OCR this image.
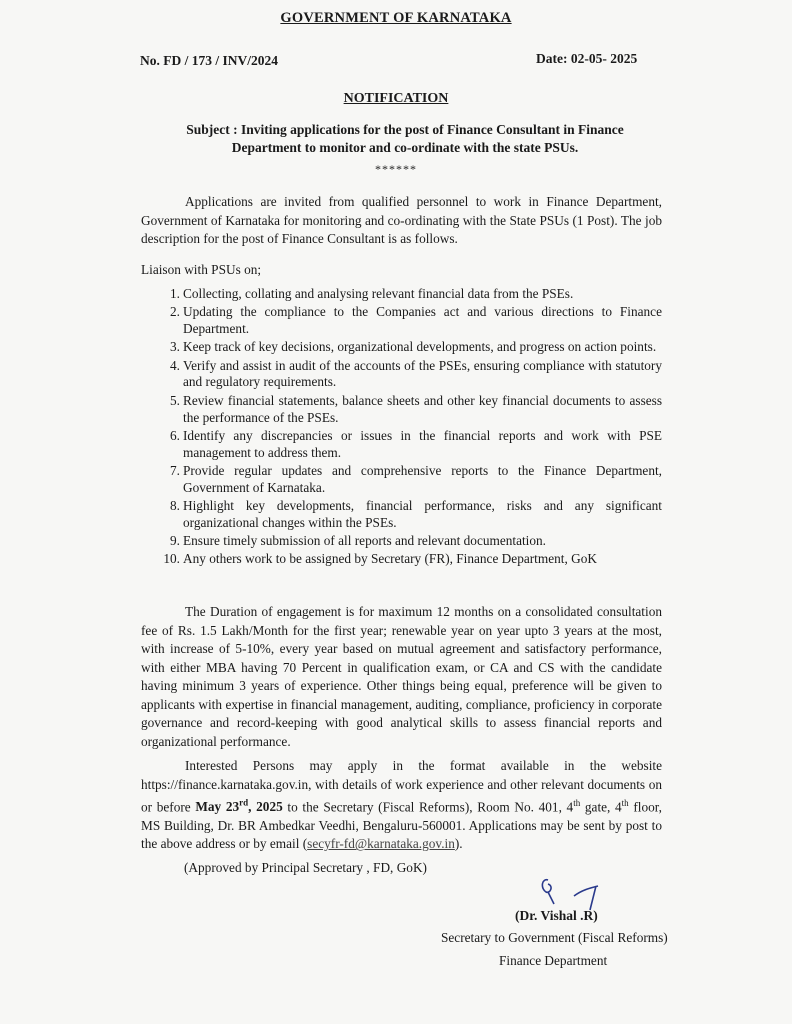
GOVERNMENT OF KARNATAKA
No. FD / 173 / INV/2024	Date: 02-05- 2025
NOTIFICATION
Subject : Inviting applications for the post of Finance Consultant in Finance
Department to monitor and co-ordinate with the state PSUs.
******
Applications are invited from qualified personnel to work in Finance Department, Government of Karnataka for monitoring and co-ordinating with the State PSUs (1 Post). The job description for the post of Finance Consultant is as follows.
Liaison with PSUs on;
1. Collecting, collating and analysing relevant financial data from the PSEs.
2. Updating the compliance to the Companies act and various directions to Finance Department.
3. Keep track of key decisions, organizational developments, and progress on action points.
4. Verify and assist in audit of the accounts of the PSEs, ensuring compliance with statutory and regulatory requirements.
5. Review financial statements, balance sheets and other key financial documents to assess the performance of the PSEs.
6. Identify any discrepancies or issues in the financial reports and work with PSE management to address them.
7. Provide regular updates and comprehensive reports to the Finance Department, Government of Karnataka.
8. Highlight key developments, financial performance, risks and any significant organizational changes within the PSEs.
9. Ensure timely submission of all reports and relevant documentation.
10. Any others work to be assigned by Secretary (FR), Finance Department, GoK
The Duration of engagement is for maximum 12 months on a consolidated consultation fee of Rs. 1.5 Lakh/Month for the first year; renewable year on year upto 3 years at the most, with increase of 5-10%, every year based on mutual agreement and satisfactory performance, with either MBA having 70 Percent in qualification exam, or CA and CS with the candidate having minimum 3 years of experience. Other things being equal, preference will be given to applicants with expertise in financial management, auditing, compliance, proficiency in corporate governance and record-keeping with good analytical skills to assess financial reports and organizational performance.
Interested Persons may apply in the format available in the website https://finance.karnataka.gov.in, with details of work experience and other relevant documents on or before May 23rd, 2025 to the Secretary (Fiscal Reforms), Room No. 401, 4th gate, 4th floor, MS Building, Dr. BR Ambedkar Veedhi, Bengaluru-560001. Applications may be sent by post to the above address or by email (secyfr-fd@karnataka.gov.in).
(Approved by Principal Secretary , FD, GoK)
(Dr. Vishal .R)
Secretary to Government (Fiscal Reforms)
Finance Department
